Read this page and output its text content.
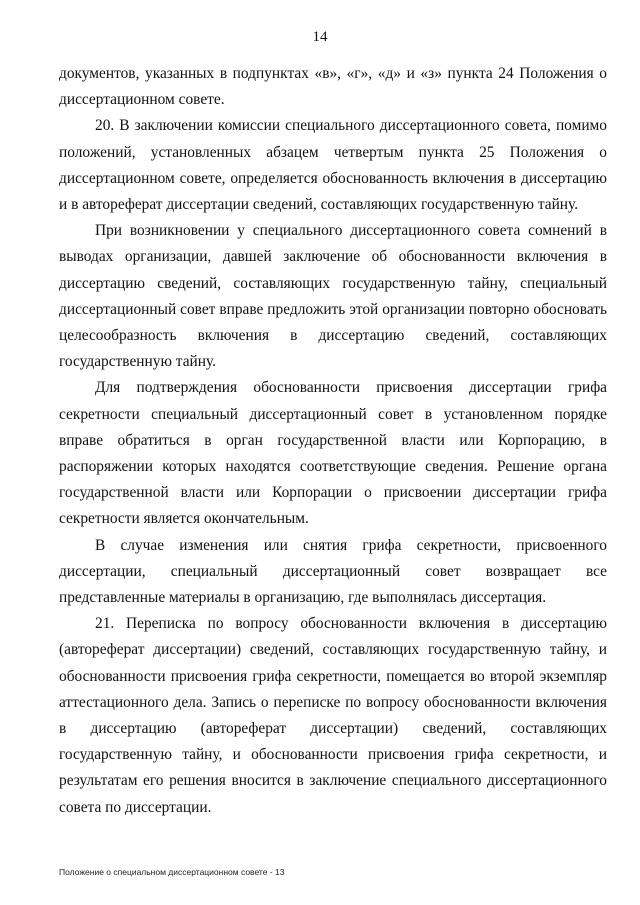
14

документов, указанных в подпунктах «в», «г», «д» и «з» пункта 24 Положения о диссертационном совете.

20. В заключении комиссии специального диссертационного совета, помимо положений, установленных абзацем четвертым пункта 25 Положения о диссертационном совете, определяется обоснованность включения в диссертацию и в автореферат диссертации сведений, составляющих государственную тайну.

При возникновении у специального диссертационного совета сомнений в выводах организации, давшей заключение об обоснованности включения в диссертацию сведений, составляющих государственную тайну, специальный диссертационный совет вправе предложить этой организации повторно обосновать целесообразность включения в диссертацию сведений, составляющих государственную тайну.

Для подтверждения обоснованности присвоения диссертации грифа секретности специальный диссертационный совет в установленном порядке вправе обратиться в орган государственной власти или Корпорацию, в распоряжении которых находятся соответствующие сведения. Решение органа государственной власти или Корпорации о присвоении диссертации грифа секретности является окончательным.

В случае изменения или снятия грифа секретности, присвоенного диссертации, специальный диссертационный совет возвращает все представленные материалы в организацию, где выполнялась диссертация.

21. Переписка по вопросу обоснованности включения в диссертацию (автореферат диссертации) сведений, составляющих государственную тайну, и обоснованности присвоения грифа секретности, помещается во второй экземпляр аттестационного дела. Запись о переписке по вопросу обоснованности включения в диссертацию (автореферат диссертации) сведений, составляющих государственную тайну, и обоснованности присвоения грифа секретности, и результатам его решения вносится в заключение специального диссертационного совета по диссертации.

Положение о специальном диссертационном совете - 13
